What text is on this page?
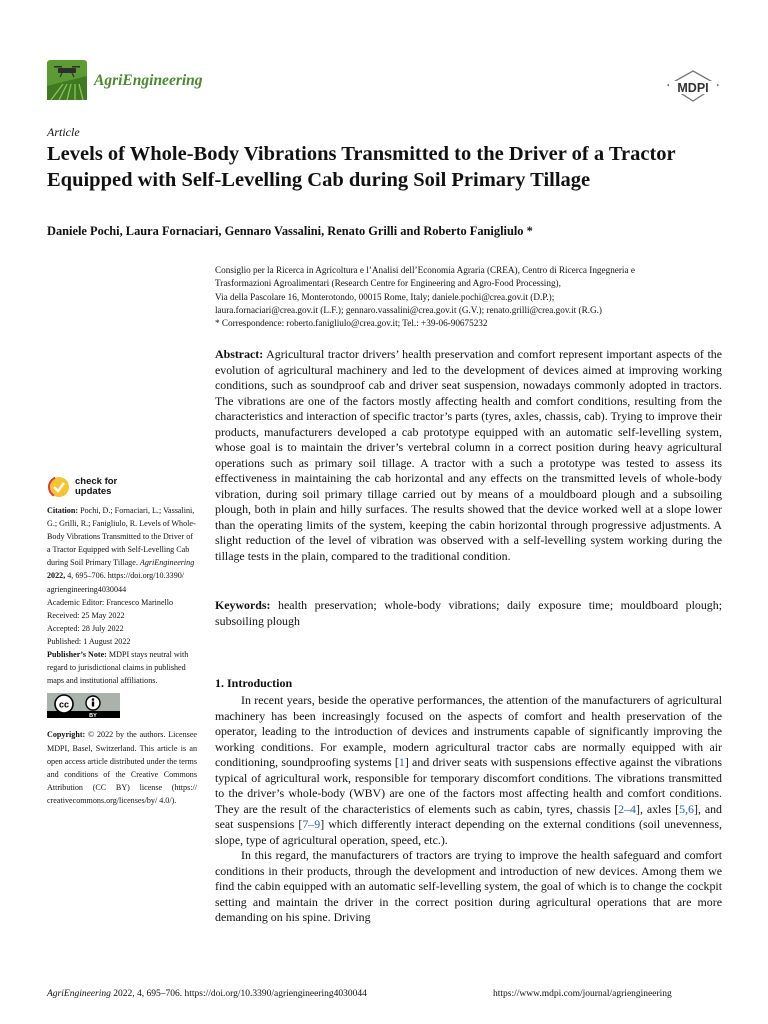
AgriEngineering	MDPI
Article
Levels of Whole-Body Vibrations Transmitted to the Driver of a Tractor Equipped with Self-Levelling Cab during Soil Primary Tillage
Daniele Pochi, Laura Fornaciari, Gennaro Vassalini, Renato Grilli and Roberto Fanigliulo *
Consiglio per la Ricerca in Agricoltura e l’Analisi dell’Economia Agraria (CREA), Centro di Ricerca Ingegneria e
Trasformazioni Agroalimentari (Research Centre for Engineering and Agro-Food Processing),
Via della Pascolare 16, Monterotondo, 00015 Rome, Italy; daniele.pochi@crea.gov.it (D.P.);
laura.fornaciari@crea.gov.it (L.F.); gennaro.vassalini@crea.gov.it (G.V.); renato.grilli@crea.gov.it (R.G.)
* Correspondence: roberto.fanigliulo@crea.gov.it; Tel.: +39-06-90675232
Abstract: Agricultural tractor drivers’ health preservation and comfort represent important aspects of the evolution of agricultural machinery and led to the development of devices aimed at improving working conditions, such as soundproof cab and driver seat suspension, nowadays commonly adopted in tractors. The vibrations are one of the factors mostly affecting health and comfort conditions, resulting from the characteristics and interaction of specific tractor’s parts (tyres, axles, chassis, cab). Trying to improve their products, manufacturers developed a cab prototype equipped with an automatic self-levelling system, whose goal is to maintain the driver’s vertebral column in a correct position during heavy agricultural operations such as primary soil tillage. A tractor with a such a prototype was tested to assess its effectiveness in maintaining the cab horizontal and any effects on the transmitted levels of whole-body vibration, during soil primary tillage carried out by means of a mouldboard plough and a subsoiling plough, both in plain and hilly surfaces. The results showed that the device worked well at a slope lower than the operating limits of the system, keeping the cabin horizontal through progressive adjustments. A slight reduction of the level of vibration was observed with a self-levelling system working during the tillage tests in the plain, compared to the traditional condition.
Keywords: health preservation; whole-body vibrations; daily exposure time; mouldboard plough; subsoiling plough
check for
updates

Citation: Pochi, D.; Fornaciari, L.; Vassalini, G.; Grilli, R.; Fanigliulo, R. Levels of Whole-Body Vibrations Transmitted to the Driver of a Tractor Equipped with Self-Levelling Cab during Soil Primary Tillage. AgriEngineering 2022, 4, 695–706. https://doi.org/10.3390/ agriengineering4030044

Academic Editor: Francesco Marinello

Received: 25 May 2022

Accepted: 28 July 2022

Published: 1 August 2022

Publisher’s Note: MDPI stays neutral with regard to jurisdictional claims in published maps and institutional affiliations.

cc
BY

Copyright: © 2022 by the authors. Licensee MDPI, Basel, Switzerland. This article is an open access article distributed under the terms and conditions of the Creative Commons Attribution (CC BY) license (https:// creativecommons.org/licenses/by/ 4.0/).

1. Introduction

In recent years, beside the operative performances, the attention of the manufacturers of agricultural machinery has been increasingly focused on the aspects of comfort and health preservation of the operator, leading to the introduction of devices and instruments capable of significantly improving the working conditions. For example, modern agricultural tractor cabs are normally equipped with air conditioning, soundproofing systems [1] and driver seats with suspensions effective against the vibrations typical of agricultural work, responsible for temporary discomfort conditions. The vibrations transmitted to the driver’s whole-body (WBV) are one of the factors most affecting health and comfort conditions. They are the result of the characteristics of elements such as cabin, tyres, chassis [2–4], axles [5,6], and seat suspensions [7–9] which differently interact depending on the external conditions (soil unevenness, slope, type of agricultural operation, speed, etc.).

In this regard, the manufacturers of tractors are trying to improve the health safeguard and comfort conditions in their products, through the development and introduction of new devices. Among them we find the cabin equipped with an automatic self-levelling system, the goal of which is to change the cockpit setting and maintain the driver in the correct position during agricultural operations that are more demanding on his spine. Driving

AgriEngineering 2022, 4, 695–706. https://doi.org/10.3390/agriengineering4030044	https://www.mdpi.com/journal/agriengineering
